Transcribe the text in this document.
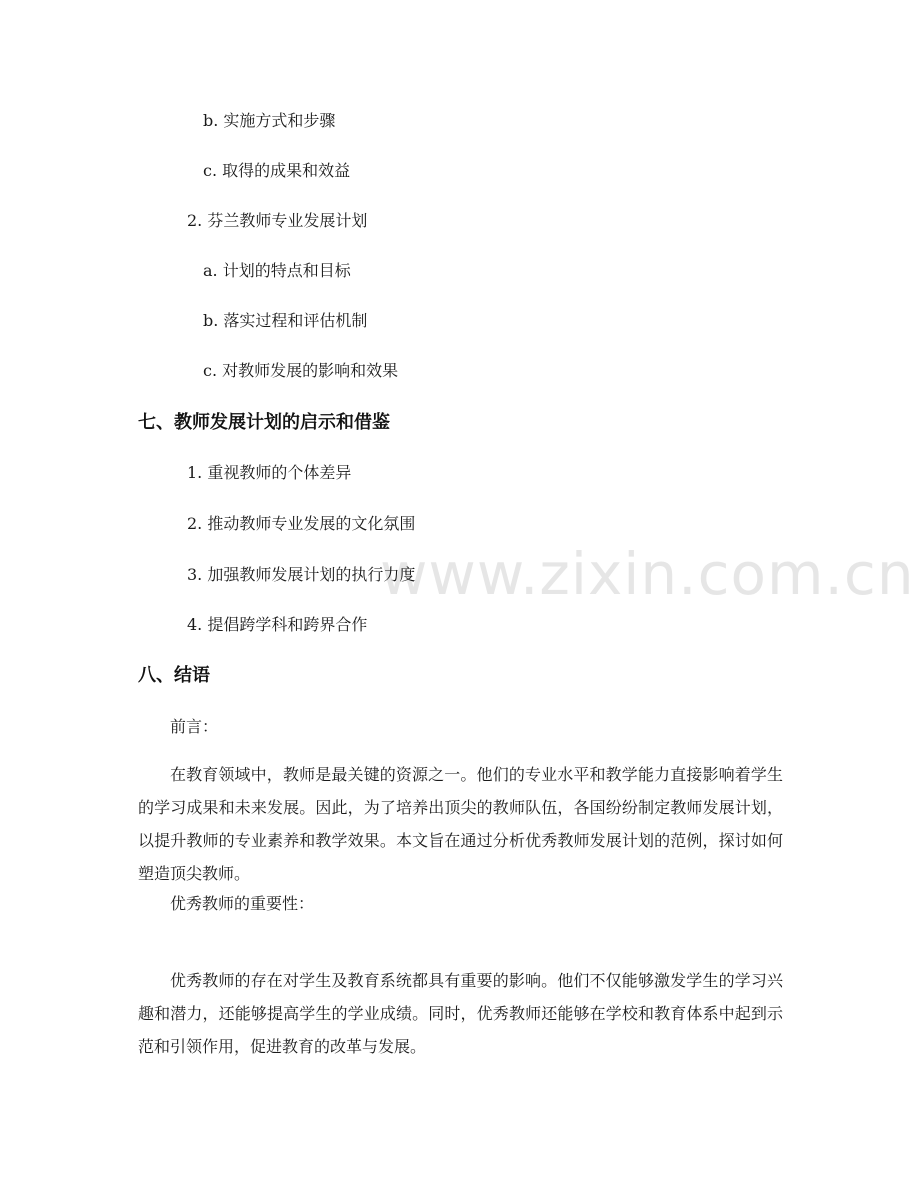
www.zixin.com.cn
b. 实施方式和步骤
c. 取得的成果和效益
2. 芬兰教师专业发展计划
a. 计划的特点和目标
b. 落实过程和评估机制
c. 对教师发展的影响和效果
七、教师发展计划的启示和借鉴
1. 重视教师的个体差异
2. 推动教师专业发展的文化氛围
3. 加强教师发展计划的执行力度
4. 提倡跨学科和跨界合作
八、结语
前言：
在教育领域中，教师是最关键的资源之一。他们的专业水平和教学能力直接影响着学生的学习成果和未来发展。因此，为了培养出顶尖的教师队伍，各国纷纷制定教师发展计划，以提升教师的专业素养和教学效果。本文旨在通过分析优秀教师发展计划的范例，探讨如何塑造顶尖教师。
优秀教师的重要性：
优秀教师的存在对学生及教育系统都具有重要的影响。他们不仅能够激发学生的学习兴趣和潜力，还能够提高学生的学业成绩。同时，优秀教师还能够在学校和教育体系中起到示范和引领作用，促进教育的改革与发展。
